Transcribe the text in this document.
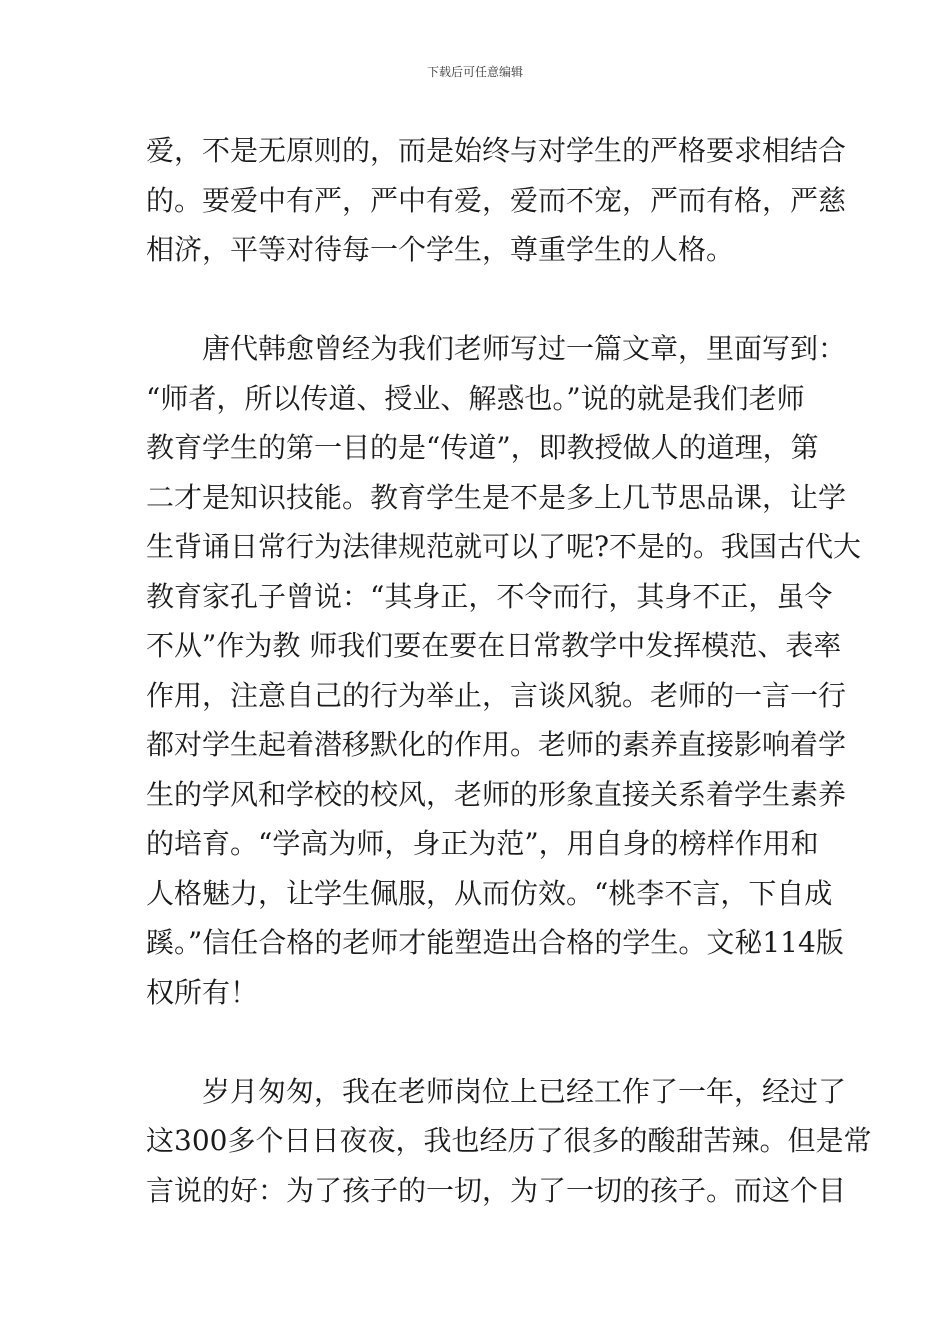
下载后可任意编辑

爱，不是无原则的，而是始终与对学生的严格要求相结合
的。要爱中有严，严中有爱，爱而不宠，严而有格，严慈
相济，平等对待每一个学生，尊重学生的人格。

唐代韩愈曾经为我们老师写过一篇文章，里面写到：
“师者，所以传道、授业、解惑也。”说的就是我们老师
教育学生的第一目的是“传道”，即教授做人的道理，第
二才是知识技能。教育学生是不是多上几节思品课，让学
生背诵日常行为法律规范就可以了呢?不是的。我国古代大
教育家孔子曾说：“其身正，不令而行，其身不正，虽令
不从”作为教 师我们要在要在日常教学中发挥模范、表率
作用，注意自己的行为举止，言谈风貌。老师的一言一行
都对学生起着潜移默化的作用。老师的素养直接影响着学
生的学风和学校的校风，老师的形象直接关系着学生素养
的培育。“学高为师，身正为范”，用自身的榜样作用和
人格魅力，让学生佩服，从而仿效。“桃李不言，下自成
蹊。”信任合格的老师才能塑造出合格的学生。文秘114版
权所有！

岁月匆匆，我在老师岗位上已经工作了一年，经过了
这300多个日日夜夜，我也经历了很多的酸甜苦辣。但是常
言说的好：为了孩子的一切，为了一切的孩子。而这个目
